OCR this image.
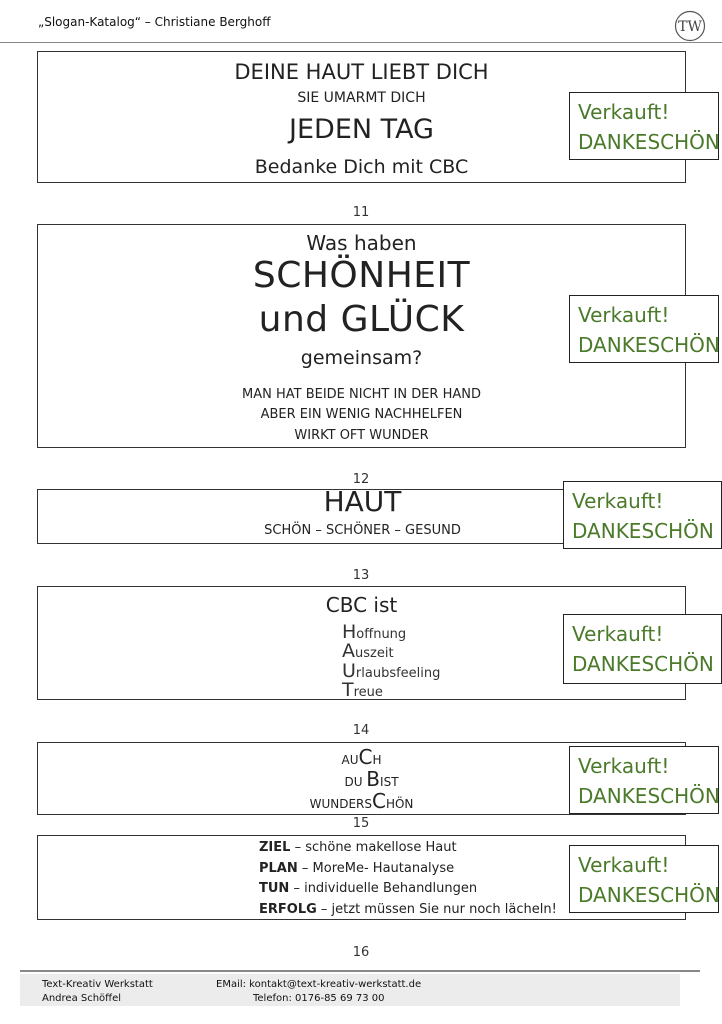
„Slogan-Katalog“ – Christiane Berghoff	TW
DEINE HAUT LIEBT DICH
SIE UMARMT DICH
JEDEN TAG
Bedanke Dich mit CBC
Verkauft!
DANKESCHÖN
11
Was haben
SCHÖNHEIT
und GLÜCK
gemeinsam?
MAN HAT BEIDE NICHT IN DER HAND
ABER EIN WENIG NACHHELFEN
WIRKT OFT WUNDER
Verkauft!
DANKESCHÖN
12
HAUT
SCHÖN – SCHÖNER – GESUND
Verkauft!
DANKESCHÖN
13
CBC ist
Hoffnung
Auszeit
Urlaubsfeeling
Treue
Verkauft!
DANKESCHÖN
14
AUCH
DU BIST
WUNDERSCHÖN
Verkauft!
DANKESCHÖN
15
ZIEL – schöne makellose Haut
PLAN – MoreMe- Hautanalyse
TUN – individuelle Behandlungen
ERFOLG – jetzt müssen Sie nur noch lächeln!
Verkauft!
DANKESCHÖN
16
Text-Kreativ Werkstatt
Andrea Schöffel
EMail: kontakt@text-kreativ-werkstatt.de
Telefon: 0176-85 69 73 00
